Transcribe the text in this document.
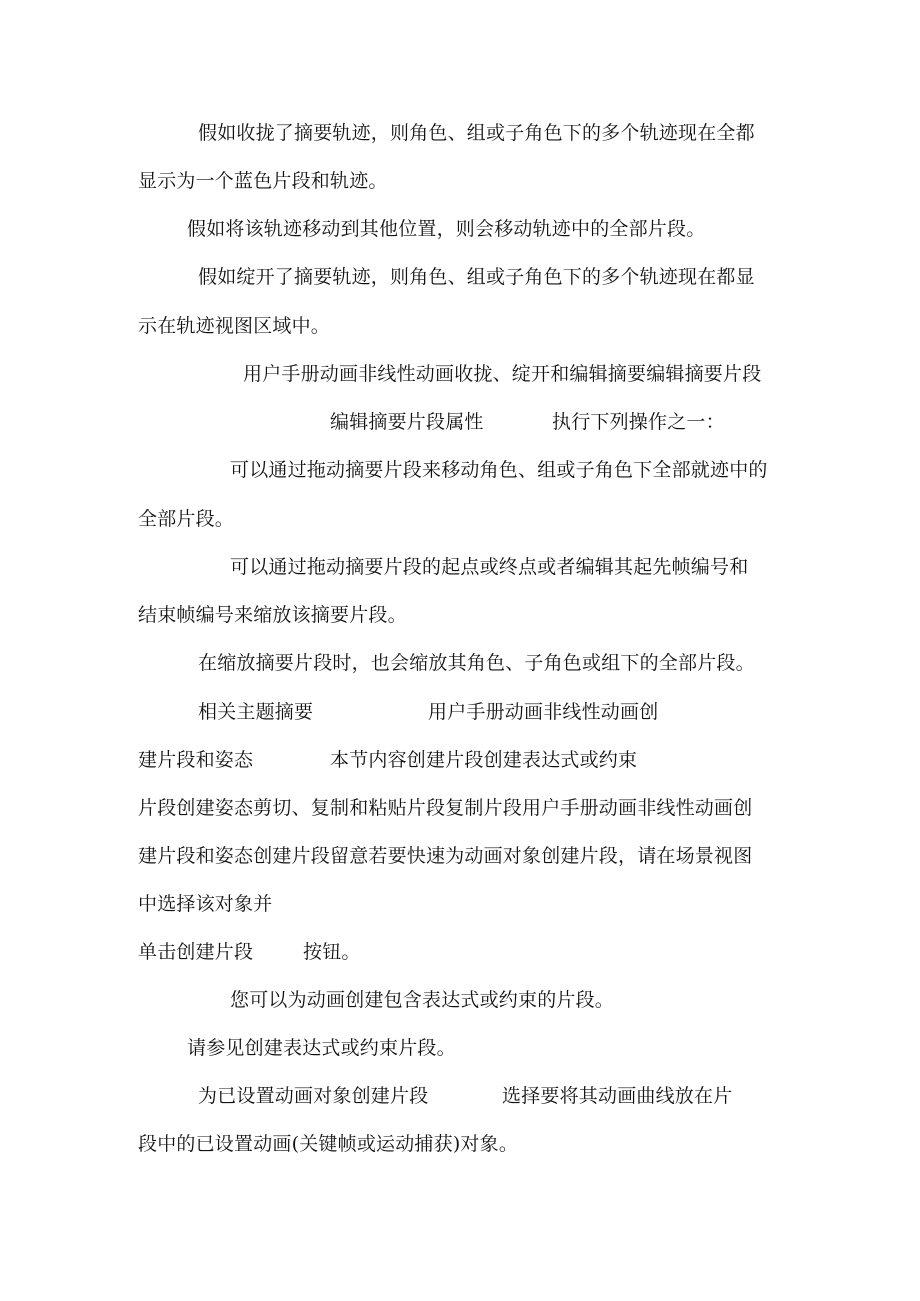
假如收拢了摘要轨迹，则角色、组或子角色下的多个轨迹现在全都
显示为一个蓝色片段和轨迹。
假如将该轨迹移动到其他位置，则会移动轨迹中的全部片段。
假如绽开了摘要轨迹，则角色、组或子角色下的多个轨迹现在都显
示在轨迹视图区域中。
用户手册动画非线性动画收拢、绽开和编辑摘要编辑摘要片段
编辑摘要片段属性	执行下列操作之一：
可以通过拖动摘要片段来移动角色、组或子角色下全部就迹中的
全部片段。
可以通过拖动摘要片段的起点或终点或者编辑其起先帧编号和
结束帧编号来缩放该摘要片段。
在缩放摘要片段时，也会缩放其角色、子角色或组下的全部片段。
相关主题摘要	用户手册动画非线性动画创
建片段和姿态	本节内容创建片段创建表达式或约束
片段创建姿态剪切、复制和粘贴片段复制片段用户手册动画非线性动画创
建片段和姿态创建片段留意若要快速为动画对象创建片段，请在场景视图
中选择该对象并
单击创建片段	按钮。
您可以为动画创建包含表达式或约束的片段。
请参见创建表达式或约束片段。
为已设置动画对象创建片段	选择要将其动画曲线放在片
段中的已设置动画(关键帧或运动捕获)对象。
